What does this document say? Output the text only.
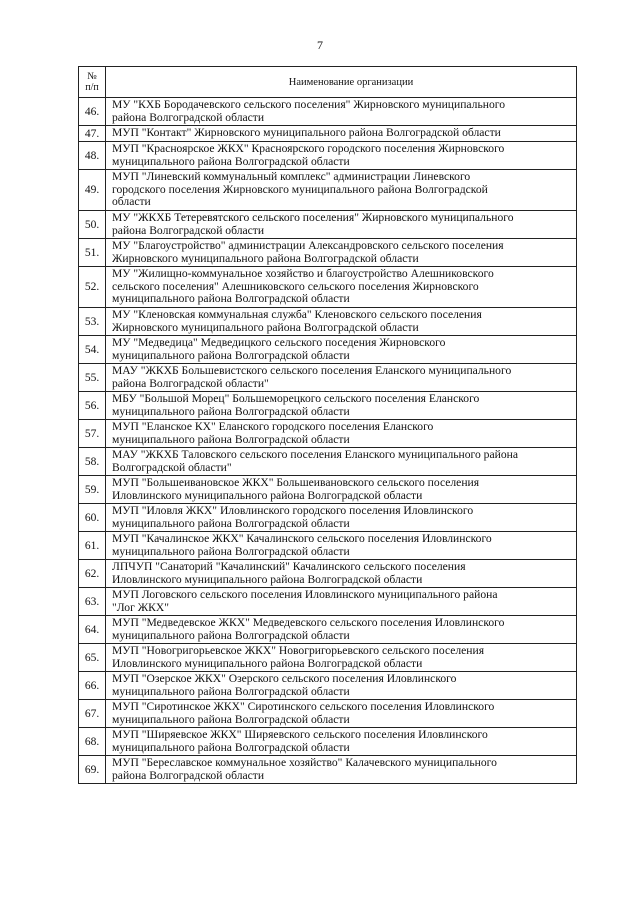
7
№
п/п	Наименование организации
46.	МУ "КХБ Бородачевского сельского поселения" Жирновского муниципального
района Волгоградской области
47.	МУП "Контакт" Жирновского муниципального района Волгоградской области
48.	МУП "Красноярское ЖКХ" Красноярского городского поселения Жирновского
муниципального района Волгоградской области
49.	МУП "Линевский коммунальный комплекс" администрации Линевского
городского поселения Жирновского муниципального района Волгоградской
области
50.	МУ "ЖКХБ Тетеревятского сельского поселения" Жирновского муниципального
района Волгоградской области
51.	МУ "Благоустройство" администрации Александровского сельского поселения
Жирновского муниципального района Волгоградской области
52.	МУ "Жилищно-коммунальное хозяйство и благоустройство Алешниковского
сельского поселения" Алешниковского сельского поселения Жирновского
муниципального района Волгоградской области
53.	МУ "Кленовская коммунальная служба" Кленовского сельского поселения
Жирновского муниципального района Волгоградской области
54.	МУ "Медведица" Медведицкого сельского поседения Жирновского
муниципального района Волгоградской области
55.	МАУ "ЖКХБ Большевистского сельского поселения Еланского муниципального
района Волгоградской области"
56.	МБУ "Большой Морец" Большеморецкого сельского поселения Еланского
муниципального района Волгоградской области
57.	МУП "Еланское КХ" Еланского городского поселения Еланского
муниципального района Волгоградской области
58.	МАУ "ЖКХБ Таловского сельского поселения Еланского муниципального района
Волгоградской области"
59.	МУП "Большеивановское ЖКХ" Большеивановского сельского поселения
Иловлинского муниципального района Волгоградской области
60.	МУП "Иловля ЖКХ" Иловлинского городского поселения Иловлинского
муниципального района Волгоградской области
61.	МУП "Качалинское ЖКХ" Качалинского сельского поселения Иловлинского
муниципального района Волгоградской области
62.	ЛПЧУП "Санаторий "Качалинский" Качалинского сельского поселения
Иловлинского муниципального района Волгоградской области
63.	МУП Логовского сельского поселения Иловлинского муниципального района
"Лог ЖКХ"
64.	МУП "Медведевское ЖКХ" Медведевского сельского поселения Иловлинского
муниципального района Волгоградской области
65.	МУП "Новогригорьевское ЖКХ" Новогригорьевского сельского поселения
Иловлинского муниципального района Волгоградской области
66.	МУП "Озерское ЖКХ" Озерского сельского поселения Иловлинского
муниципального района Волгоградской области
67.	МУП "Сиротинское ЖКХ" Сиротинского сельского поселения Иловлинского
муниципального района Волгоградской области
68.	МУП "Ширяевское ЖКХ" Ширяевского сельского поселения Иловлинского
муниципального района Волгоградской области
69.	МУП "Береславское коммунальное хозяйство" Калачевского муниципального
района Волгоградской области
